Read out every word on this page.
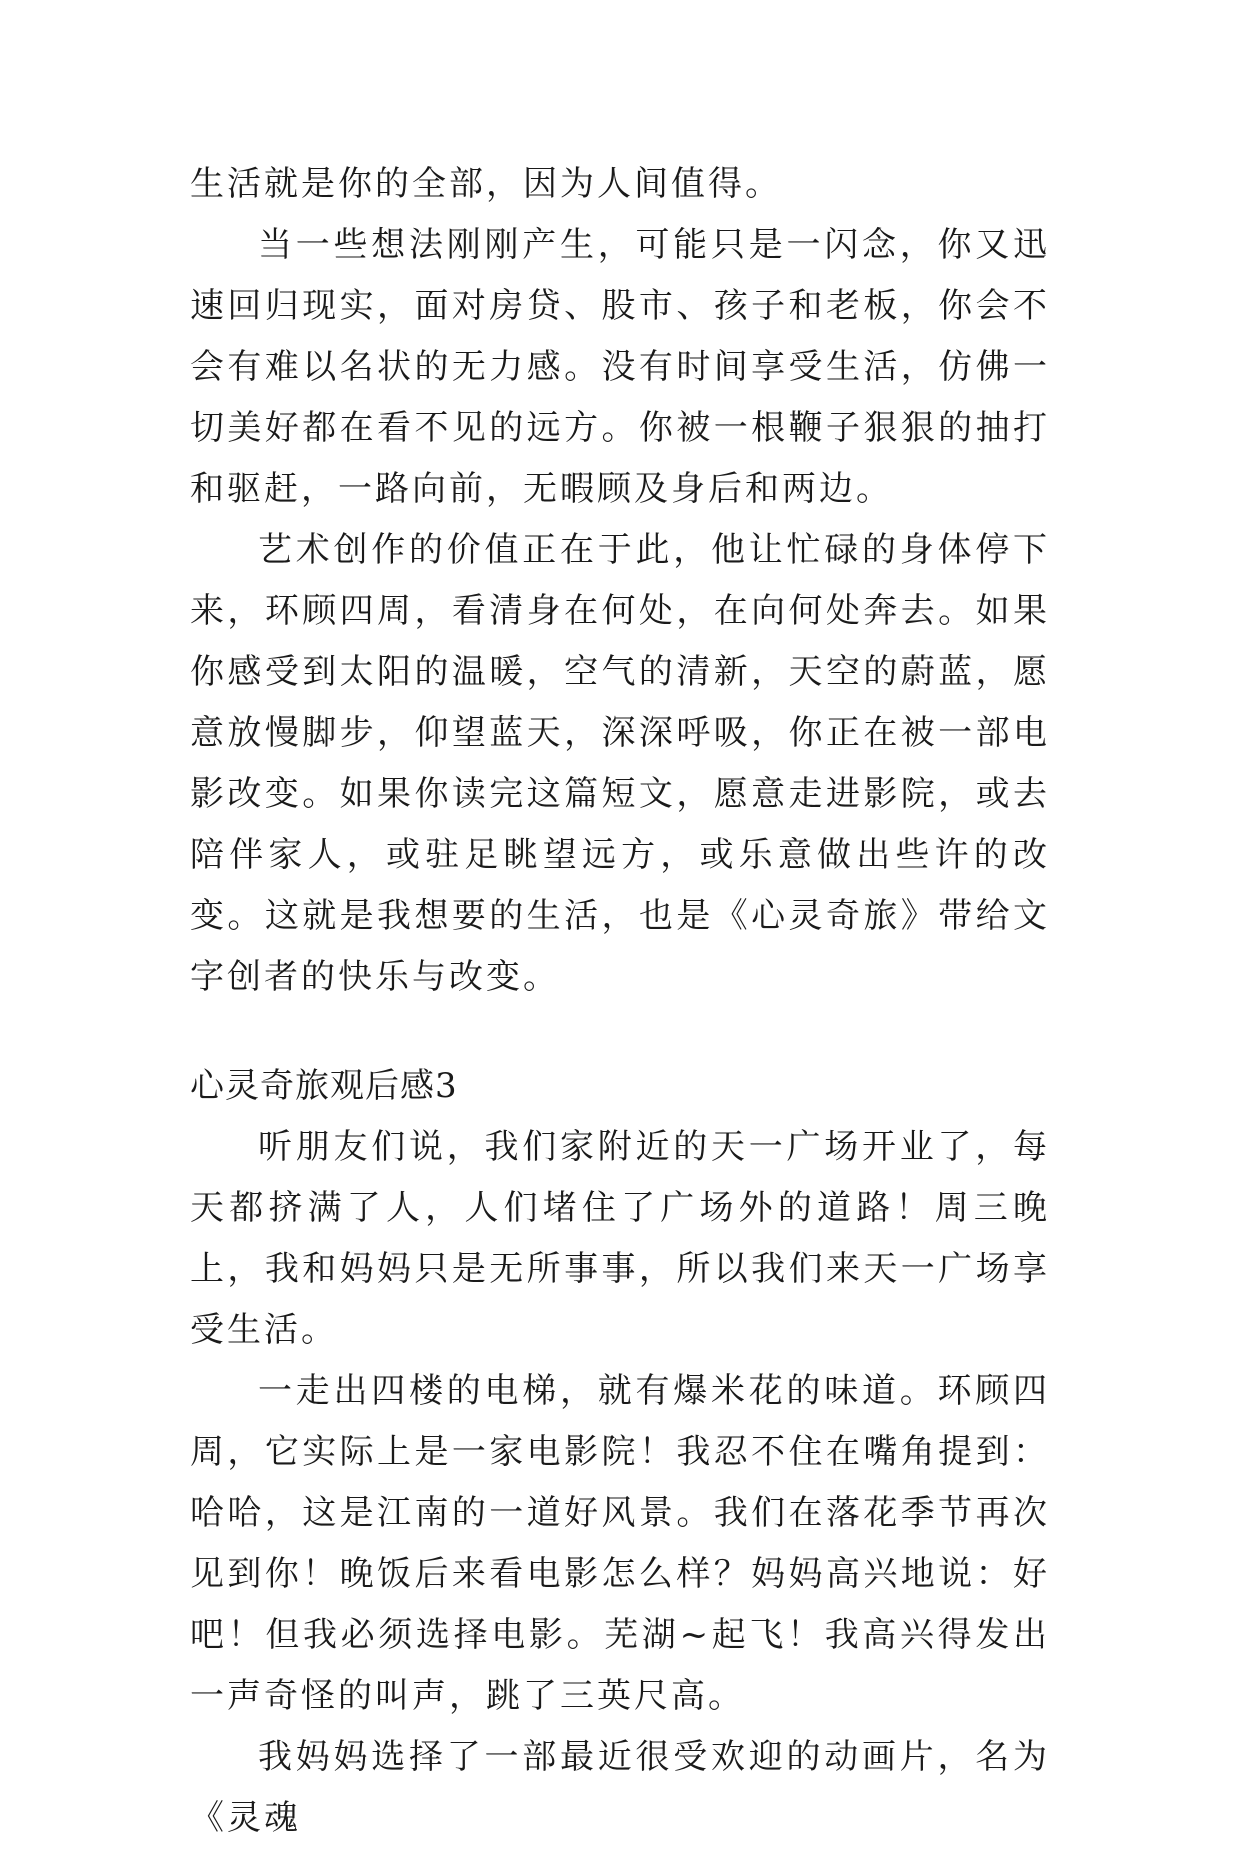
生活就是你的全部，因为人间值得。

当一些想法刚刚产生，可能只是一闪念，你又迅速回归现实，面对房贷、股市、孩子和老板，你会不会有难以名状的无力感。没有时间享受生活，仿佛一切美好都在看不见的远方。你被一根鞭子狠狠的抽打和驱赶，一路向前，无暇顾及身后和两边。

艺术创作的价值正在于此，他让忙碌的身体停下来，环顾四周，看清身在何处，在向何处奔去。如果你感受到太阳的温暖，空气的清新，天空的蔚蓝，愿意放慢脚步，仰望蓝天，深深呼吸，你正在被一部电影改变。如果你读完这篇短文，愿意走进影院，或去陪伴家人，或驻足眺望远方，或乐意做出些许的改变。这就是我想要的生活，也是《心灵奇旅》带给文字创者的快乐与改变。

心灵奇旅观后感3

听朋友们说，我们家附近的天一广场开业了，每天都挤满了人，人们堵住了广场外的道路！周三晚上，我和妈妈只是无所事事，所以我们来天一广场享受生活。

一走出四楼的电梯，就有爆米花的味道。环顾四周，它实际上是一家电影院！我忍不住在嘴角提到：哈哈，这是江南的一道好风景。我们在落花季节再次见到你！晚饭后来看电影怎么样？妈妈高兴地说：好吧！但我必须选择电影。芜湖~起飞！我高兴得发出一声奇怪的叫声，跳了三英尺高。

我妈妈选择了一部最近很受欢迎的动画片，名为《灵魂
